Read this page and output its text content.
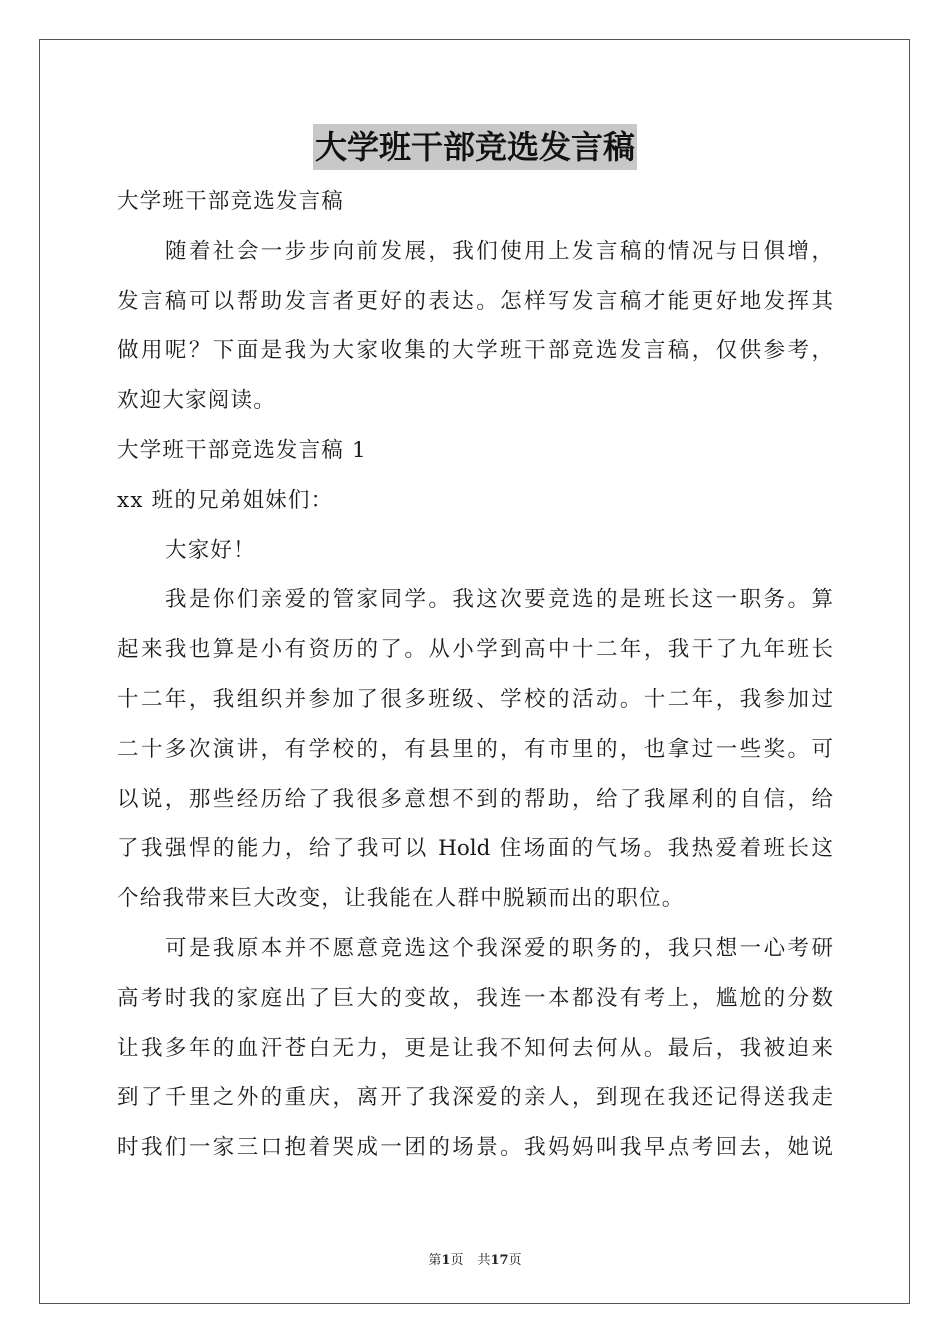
大学班干部竞选发言稿
大学班干部竞选发言稿
随着社会一步步向前发展，我们使用上发言稿的情况与日俱增，
发言稿可以帮助发言者更好的表达。怎样写发言稿才能更好地发挥其
做用呢？下面是我为大家收集的大学班干部竞选发言稿，仅供参考，
欢迎大家阅读。
大学班干部竞选发言稿 1
xx 班的兄弟姐妹们：
大家好！
我是你们亲爱的管家同学。我这次要竞选的是班长这一职务。算
起来我也算是小有资历的了。从小学到高中十二年，我干了九年班长
十二年，我组织并参加了很多班级、学校的活动。十二年，我参加过
二十多次演讲，有学校的，有县里的，有市里的，也拿过一些奖。可
以说，那些经历给了我很多意想不到的帮助，给了我犀利的自信，给
了我强悍的能力，给了我可以 Hold 住场面的气场。我热爱着班长这
个给我带来巨大改变，让我能在人群中脱颖而出的职位。
可是我原本并不愿意竞选这个我深爱的职务的，我只想一心考研
高考时我的家庭出了巨大的变故，我连一本都没有考上，尴尬的分数
让我多年的血汗苍白无力，更是让我不知何去何从。最后，我被迫来
到了千里之外的重庆，离开了我深爱的亲人，到现在我还记得送我走
时我们一家三口抱着哭成一团的场景。我妈妈叫我早点考回去，她说
第1页 共17页
